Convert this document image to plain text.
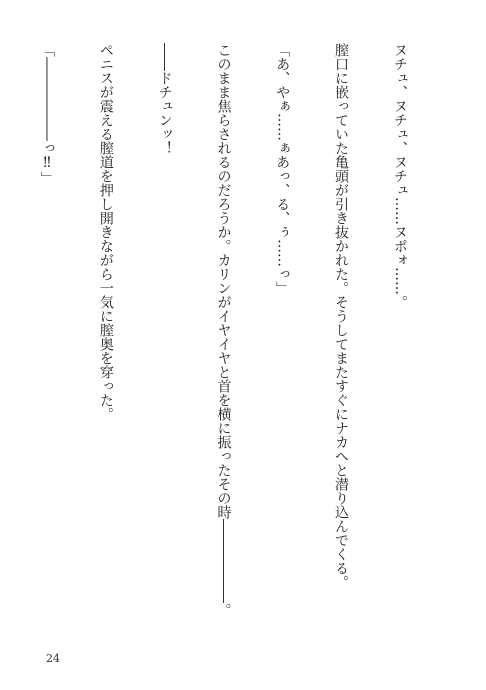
ヌチュ、ヌチュ、ヌチュ……ヌポォ……。

膣口に嵌っていた亀頭が引き抜かれた。そうしてまたすぐにナカへと潜り込んでくる。

「あ、やぁ……ぁあっ、る、ぅ……っ」

このまま焦らされるのだろうか。カリンがイヤイヤと首を横に振ったその時――――――。

――ドチュンッ！

ペニスが震える膣道を押し開きながら一気に膣奥を穿った。

「――――――っ‼」

24
